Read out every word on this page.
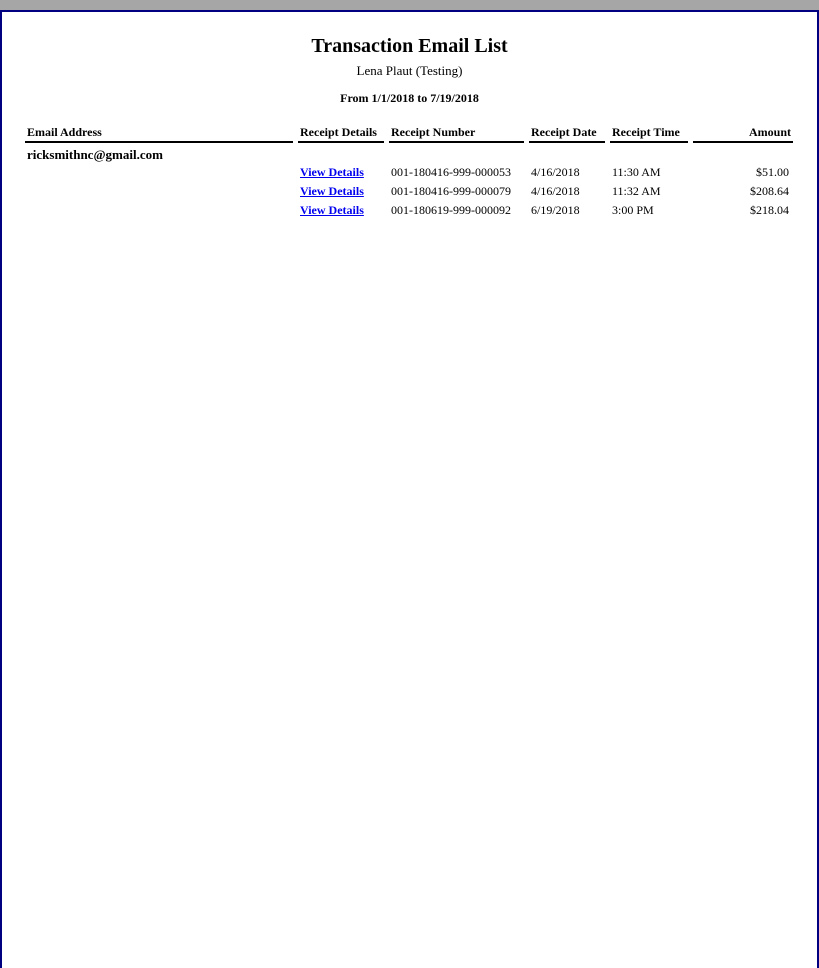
Transaction Email List
Lena Plaut (Testing)
From 1/1/2018 to 7/19/2018
Email Address	Receipt Details	Receipt Number	Receipt Date	Receipt Time	Amount
ricksmithnc@gmail.com
View Details 001-180416-999-000053 4/16/2018	11:30 AM	$51.00
View Details 001-180416-999-000079 4/16/2018	11:32 AM	$208.64
View Details 001-180619-999-000092 6/19/2018	3:00 PM	$218.04
